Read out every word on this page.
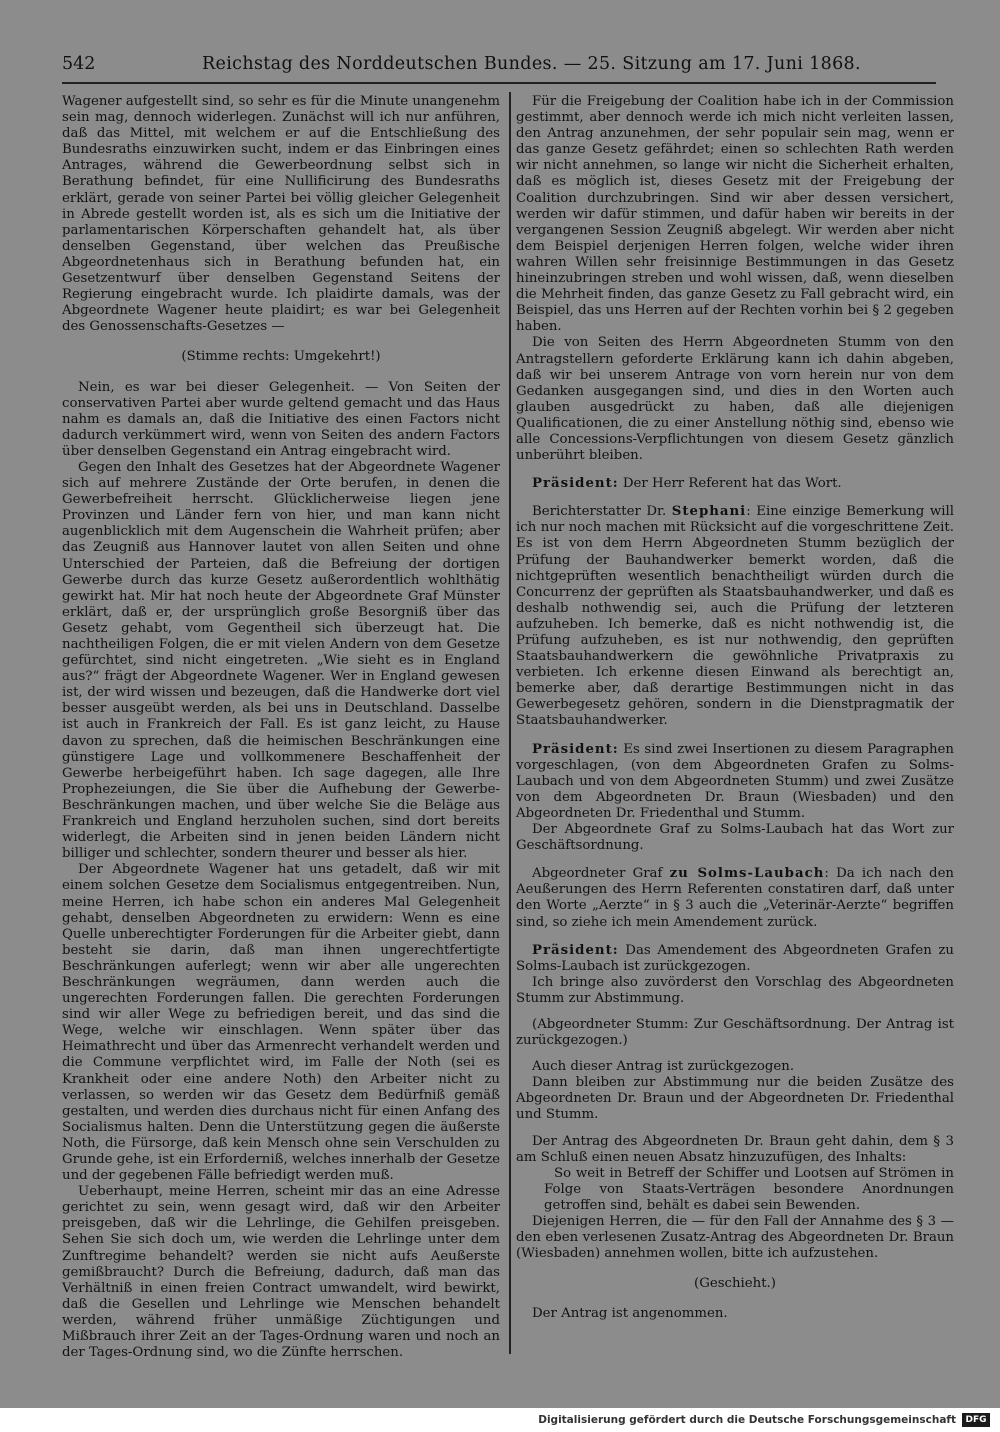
542	Reichstag des Norddeutschen Bundes. — 25. Sitzung am 17. Juni 1868.

Wagener aufgestellt sind, so sehr es für die Minute unangenehm sein mag, dennoch widerlegen. Zunächst will ich nur anführen, daß das Mittel, mit welchem er auf die Entschließung des Bundesraths einzuwirken sucht, indem er das Einbringen eines Antrages, während die Gewerbeordnung selbst sich in Berathung befindet, für eine Nullificirung des Bundesraths erklärt, gerade von seiner Partei bei völlig gleicher Gelegenheit in Abrede gestellt worden ist, als es sich um die Initiative der parlamentarischen Körperschaften gehandelt hat, als über denselben Gegenstand, über welchen das Preußische Abgeordnetenhaus sich in Berathung befunden hat, ein Gesetzentwurf über denselben Gegenstand Seitens der Regierung eingebracht wurde. Ich plaidirte damals, was der Abgeordnete Wagener heute plaidirt; es war bei Gelegenheit des Genossenschafts-Gesetzes —

(Stimme rechts: Umgekehrt!)

Nein, es war bei dieser Gelegenheit. — Von Seiten der conservativen Partei aber wurde geltend gemacht und das Haus nahm es damals an, daß die Initiative des einen Factors nicht dadurch verkümmert wird, wenn von Seiten des andern Factors über denselben Gegenstand ein Antrag eingebracht wird.

Gegen den Inhalt des Gesetzes hat der Abgeordnete Wagener sich auf mehrere Zustände der Orte berufen, in denen die Gewerbefreiheit herrscht. Glücklicherweise liegen jene Provinzen und Länder fern von hier, und man kann nicht augenblicklich mit dem Augenschein die Wahrheit prüfen; aber das Zeugniß aus Hannover lautet von allen Seiten und ohne Unterschied der Parteien, daß die Befreiung der dortigen Gewerbe durch das kurze Gesetz außerordentlich wohlthätig gewirkt hat. Mir hat noch heute der Abgeordnete Graf Münster erklärt, daß er, der ursprünglich große Besorgniß über das Gesetz gehabt, vom Gegentheil sich überzeugt hat. Die nachtheiligen Folgen, die er mit vielen Andern von dem Gesetze gefürchtet, sind nicht eingetreten. „Wie sieht es in England aus?“ frägt der Abgeordnete Wagener. Wer in England gewesen ist, der wird wissen und bezeugen, daß die Handwerke dort viel besser ausgeübt werden, als bei uns in Deutschland. Dasselbe ist auch in Frankreich der Fall. Es ist ganz leicht, zu Hause davon zu sprechen, daß die heimischen Beschränkungen eine günstigere Lage und vollkommenere Beschaffenheit der Gewerbe herbeigeführt haben. Ich sage dagegen, alle Ihre Prophezeiungen, die Sie über die Aufhebung der Gewerbe-Beschränkungen machen, und über welche Sie die Beläge aus Frankreich und England herzuholen suchen, sind dort bereits widerlegt, die Arbeiten sind in jenen beiden Ländern nicht billiger und schlechter, sondern theurer und besser als hier.

Der Abgeordnete Wagener hat uns getadelt, daß wir mit einem solchen Gesetze dem Socialismus entgegentreiben. Nun, meine Herren, ich habe schon ein anderes Mal Gelegenheit gehabt, denselben Abgeordneten zu erwidern: Wenn es eine Quelle unberechtigter Forderungen für die Arbeiter giebt, dann besteht sie darin, daß man ihnen ungerechtfertigte Beschränkungen auferlegt; wenn wir aber alle ungerechten Beschränkungen wegräumen, dann werden auch die ungerechten Forderungen fallen. Die gerechten Forderungen sind wir aller Wege zu befriedigen bereit, und das sind die Wege, welche wir einschlagen. Wenn später über das Heimathrecht und über das Armenrecht verhandelt werden und die Commune verpflichtet wird, im Falle der Noth (sei es Krankheit oder eine andere Noth) den Arbeiter nicht zu verlassen, so werden wir das Gesetz dem Bedürfniß gemäß gestalten, und werden dies durchaus nicht für einen Anfang des Socialismus halten. Denn die Unterstützung gegen die äußerste Noth, die Fürsorge, daß kein Mensch ohne sein Verschulden zu Grunde gehe, ist ein Erforderniß, welches innerhalb der Gesetze und der gegebenen Fälle befriedigt werden muß.

Ueberhaupt, meine Herren, scheint mir das an eine Adresse gerichtet zu sein, wenn gesagt wird, daß wir den Arbeiter preisgeben, daß wir die Lehrlinge, die Gehilfen preisgeben. Sehen Sie sich doch um, wie werden die Lehrlinge unter dem Zunftregime behandelt? werden sie nicht aufs Aeußerste gemißbraucht? Durch die Befreiung, dadurch, daß man das Verhältniß in einen freien Contract umwandelt, wird bewirkt, daß die Gesellen und Lehrlinge wie Menschen behandelt werden, während früher unmäßige Züchtigungen und Mißbrauch ihrer Zeit an der Tages-Ordnung waren und noch an der Tages-Ordnung sind, wo die Zünfte herrschen.

Für die Freigebung der Coalition habe ich in der Commission gestimmt, aber dennoch werde ich mich nicht verleiten lassen, den Antrag anzunehmen, der sehr populair sein mag, wenn er das ganze Gesetz gefährdet; einen so schlechten Rath werden wir nicht annehmen, so lange wir nicht die Sicherheit erhalten, daß es möglich ist, dieses Gesetz mit der Freigebung der Coalition durchzubringen. Sind wir aber dessen versichert, werden wir dafür stimmen, und dafür haben wir bereits in der vergangenen Session Zeugniß abgelegt. Wir werden aber nicht dem Beispiel derjenigen Herren folgen, welche wider ihren wahren Willen sehr freisinnige Bestimmungen in das Gesetz hineinzubringen streben und wohl wissen, daß, wenn dieselben die Mehrheit finden, das ganze Gesetz zu Fall gebracht wird, ein Beispiel, das uns Herren auf der Rechten vorhin bei § 2 gegeben haben.

Die von Seiten des Herrn Abgeordneten Stumm von den Antragstellern geforderte Erklärung kann ich dahin abgeben, daß wir bei unserem Antrage von vorn herein nur von dem Gedanken ausgegangen sind, und dies in den Worten auch glauben ausgedrückt zu haben, daß alle diejenigen Qualificationen, die zu einer Anstellung nöthig sind, ebenso wie alle Concessions-Verpflichtungen von diesem Gesetz gänzlich unberührt bleiben.

Präsident: Der Herr Referent hat das Wort.

Berichterstatter Dr. Stephani: Eine einzige Bemerkung will ich nur noch machen mit Rücksicht auf die vorgeschrittene Zeit. Es ist von dem Herrn Abgeordneten Stumm bezüglich der Prüfung der Bauhandwerker bemerkt worden, daß die nichtgeprüften wesentlich benachtheiligt würden durch die Concurrenz der geprüften als Staatsbauhandwerker, und daß es deshalb nothwendig sei, auch die Prüfung der letzteren aufzuheben. Ich bemerke, daß es nicht nothwendig ist, die Prüfung aufzuheben, es ist nur nothwendig, den geprüften Staatsbauhandwerkern die gewöhnliche Privatpraxis zu verbieten. Ich erkenne diesen Einwand als berechtigt an, bemerke aber, daß derartige Bestimmungen nicht in das Gewerbegesetz gehören, sondern in die Dienstpragmatik der Staatsbauhandwerker.

Präsident: Es sind zwei Insertionen zu diesem Paragraphen vorgeschlagen, (von dem Abgeordneten Grafen zu Solms-Laubach und von dem Abgeordneten Stumm) und zwei Zusätze von dem Abgeordneten Dr. Braun (Wiesbaden) und den Abgeordneten Dr. Friedenthal und Stumm.

Der Abgeordnete Graf zu Solms-Laubach hat das Wort zur Geschäftsordnung.

Abgeordneter Graf zu Solms-Laubach: Da ich nach den Aeußerungen des Herrn Referenten constatiren darf, daß unter den Worte „Aerzte“ in § 3 auch die „Veterinär-Aerzte“ begriffen sind, so ziehe ich mein Amendement zurück.

Präsident: Das Amendement des Abgeordneten Grafen zu Solms-Laubach ist zurückgezogen.

Ich bringe also zuvörderst den Vorschlag des Abgeordneten Stumm zur Abstimmung.

(Abgeordneter Stumm: Zur Geschäftsordnung. Der Antrag ist zurückgezogen.)

Auch dieser Antrag ist zurückgezogen.

Dann bleiben zur Abstimmung nur die beiden Zusätze des Abgeordneten Dr. Braun und der Abgeordneten Dr. Friedenthal und Stumm.

Der Antrag des Abgeordneten Dr. Braun geht dahin, dem § 3 am Schluß einen neuen Absatz hinzuzufügen, des Inhalts:

So weit in Betreff der Schiffer und Lootsen auf Strömen in Folge von Staats-Verträgen besondere Anordnungen getroffen sind, behält es dabei sein Bewenden.

Diejenigen Herren, die — für den Fall der Annahme des § 3 — den eben verlesenen Zusatz-Antrag des Abgeordneten Dr. Braun (Wiesbaden) annehmen wollen, bitte ich aufzustehen.

(Geschieht.)

Der Antrag ist angenommen.

Digitalisierung gefördert durch die Deutsche Forschungsgemeinschaft	DFG
